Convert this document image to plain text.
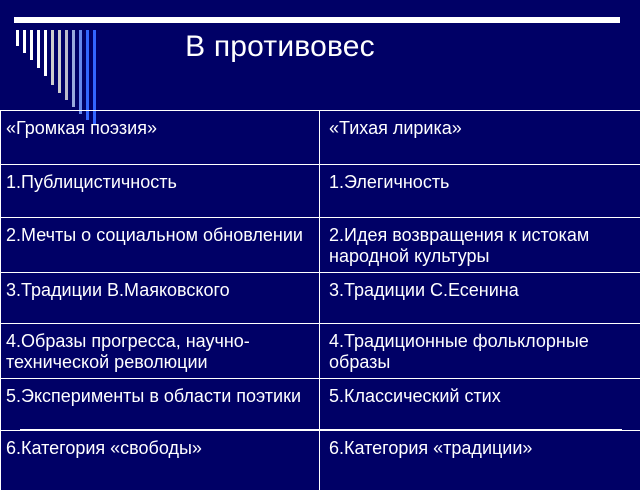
В противовес
«Громкая поэзия»	«Тихая лирика»
1.Публицистичность	1.Элегичность
2.Мечты о социальном обновлении	2.Идея возвращения к истокам народной культуры
3.Традиции В.Маяковского	3.Традиции С.Есенина
4.Образы прогресса, научно-технической революции	4.Традиционные фольклорные образы
5.Эксперименты в области поэтики	5.Классический стих
6.Категория «свободы»	6.Категория «традиции»
